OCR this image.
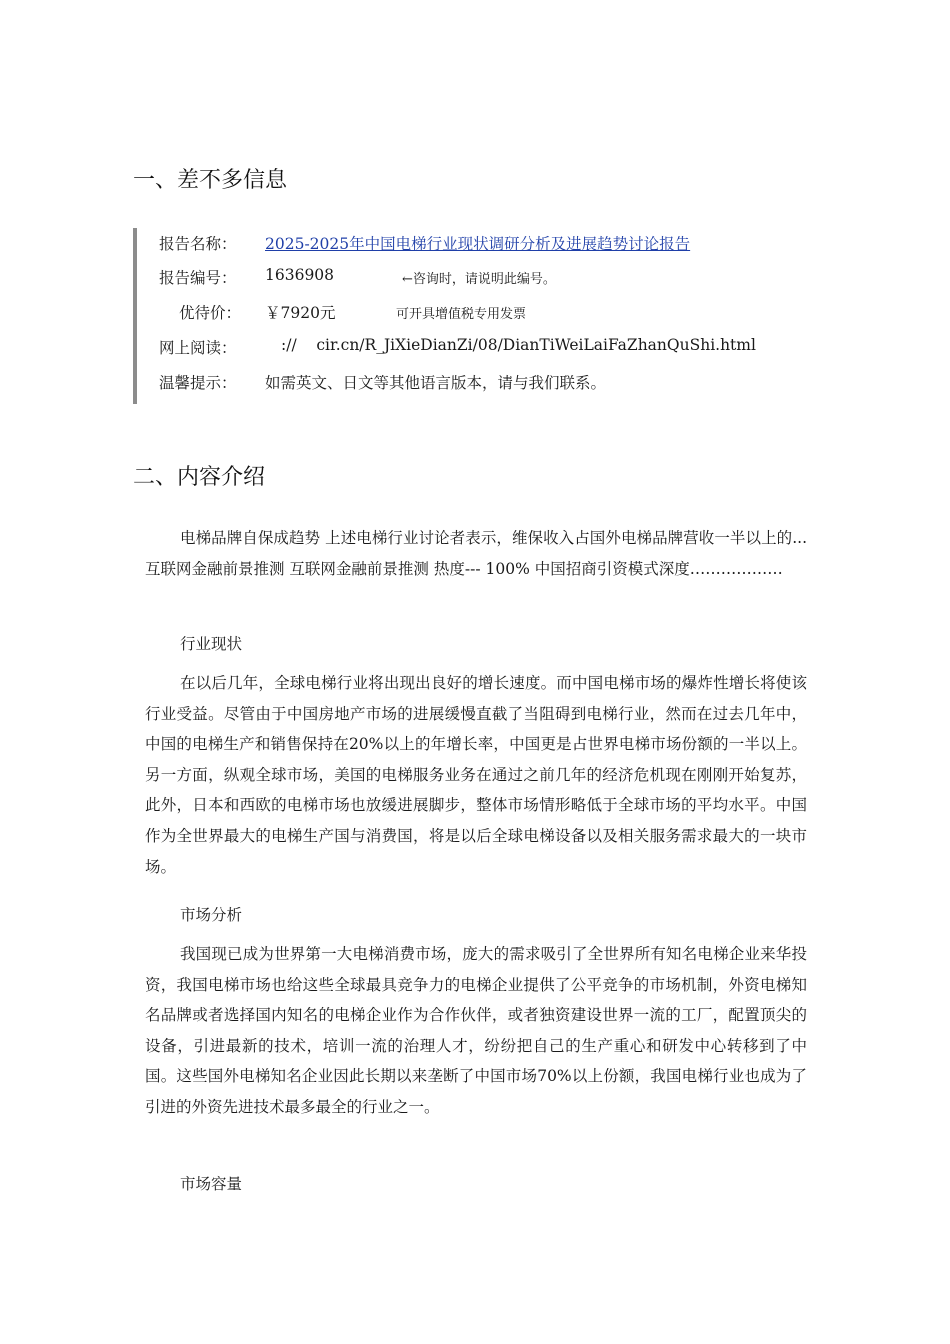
一、差不多信息
报告名称：	2025-2025年中国电梯行业现状调研分析及进展趋势讨论报告
报告编号：	1636908	←咨询时，请说明此编号。
优待价：	￥7920元	可开具增值税专用发票
网上阅读：	://    cir.cn/R_JiXieDianZi/08/DianTiWeiLaiFaZhanQuShi.html
温馨提示：	如需英文、日文等其他语言版本，请与我们联系。
二、内容介绍

电梯品牌自保成趋势 上述电梯行业讨论者表示，维保收入占国外电梯品牌营收一半以上的...互联网金融前景推测 互联网金融前景推测 热度--- 100% 中国招商引资模式深度………………

行业现状

在以后几年，全球电梯行业将出现出良好的增长速度。而中国电梯市场的爆炸性增长将使该行业受益。尽管由于中国房地产市场的进展缓慢直截了当阻碍到电梯行业，然而在过去几年中，中国的电梯生产和销售保持在20%以上的年增长率，中国更是占世界电梯市场份额的一半以上。另一方面，纵观全球市场，美国的电梯服务业务在通过之前几年的经济危机现在刚刚开始复苏，此外，日本和西欧的电梯市场也放缓进展脚步，整体市场情形略低于全球市场的平均水平。中国作为全世界最大的电梯生产国与消费国，将是以后全球电梯设备以及相关服务需求最大的一块市场。

市场分析

我国现已成为世界第一大电梯消费市场，庞大的需求吸引了全世界所有知名电梯企业来华投资，我国电梯市场也给这些全球最具竞争力的电梯企业提供了公平竞争的市场机制，外资电梯知名品牌或者选择国内知名的电梯企业作为合作伙伴，或者独资建设世界一流的工厂，配置顶尖的设备，引进最新的技术，培训一流的治理人才，纷纷把自己的生产重心和研发中心转移到了中国。这些国外电梯知名企业因此长期以来垄断了中国市场70%以上份额，我国电梯行业也成为了引进的外资先进技术最多最全的行业之一。

市场容量
